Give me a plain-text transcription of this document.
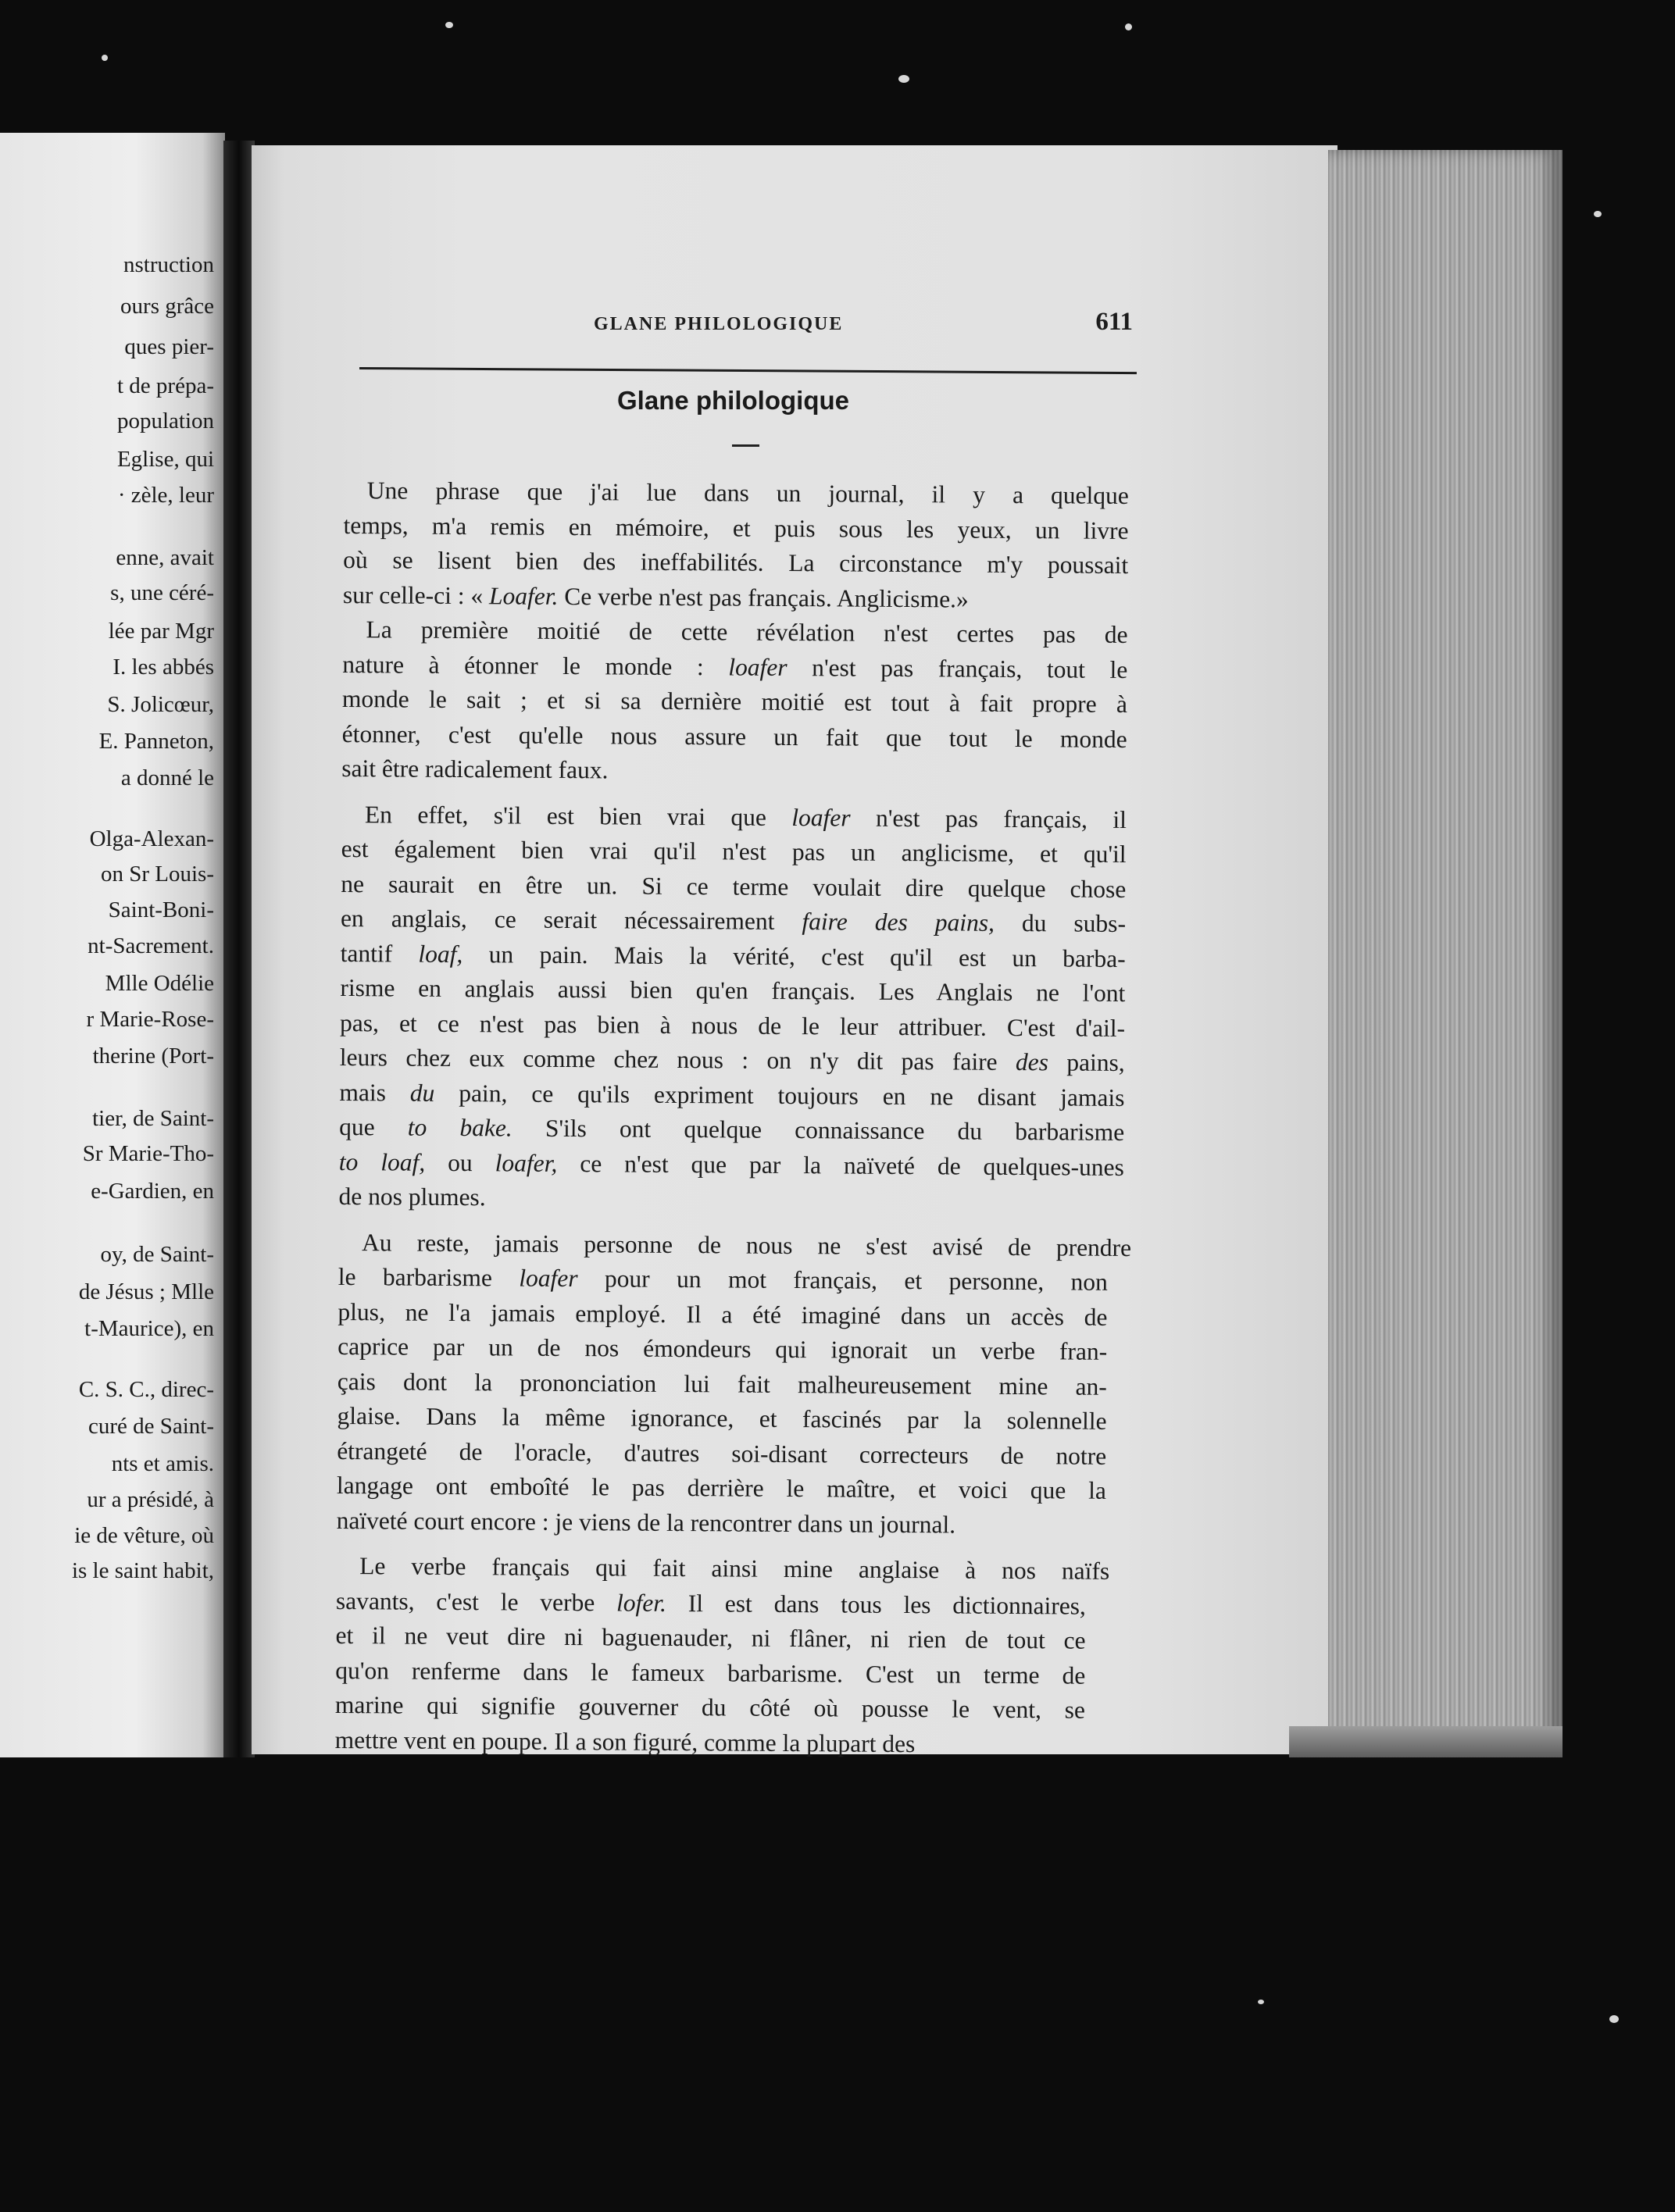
nstruction
ours grâce
ques pier-
t de prépa-
population
Eglise, qui
· zèle, leur
enne, avait
s, une céré-
lée par Mgr
I. les abbés
S. Jolicœur,
E. Panneton,
a donné le
Olga-Alexan-
on Sr Louis-
Saint-Boni-
nt-Sacrement.
Mlle Odélie
r Marie-Rose-
therine (Port-
tier, de Saint-
Sr Marie-Tho-
e-Gardien, en
oy, de Saint-
de Jésus ; Mlle
t-Maurice), en
C. S. C., direc-
curé de Saint-
nts et amis.
ur a présidé, à
ie de vêture, où
is le saint habit,
GLANE PHILOLOGIQUE	611
Glane philologique
Une phrase que j'ai lue dans un journal, il y a quelque
temps, m'a remis en mémoire, et puis sous les yeux, un livre
où se lisent bien des ineffabilités. La circonstance m'y poussait
sur celle-ci : « Loafer. Ce verbe n'est pas français. Anglicisme.»
La première moitié de cette révélation n'est certes pas de
nature à étonner le monde : loafer n'est pas français, tout le
monde le sait ; et si sa dernière moitié est tout à fait propre à
étonner, c'est qu'elle nous assure un fait que tout le monde
sait être radicalement faux.
En effet, s'il est bien vrai que loafer n'est pas français, il
est également bien vrai qu'il n'est pas un anglicisme, et qu'il
ne saurait en être un. Si ce terme voulait dire quelque chose
en anglais, ce serait nécessairement faire des pains, du subs-
tantif loaf, un pain. Mais la vérité, c'est qu'il est un barba-
risme en anglais aussi bien qu'en français. Les Anglais ne l'ont
pas, et ce n'est pas bien à nous de le leur attribuer. C'est d'ail-
leurs chez eux comme chez nous : on n'y dit pas faire des pains,
mais du pain, ce qu'ils expriment toujours en ne disant jamais
que to bake. S'ils ont quelque connaissance du barbarisme
to loaf, ou loafer, ce n'est que par la naïveté de quelques-unes
de nos plumes.
Au reste, jamais personne de nous ne s'est avisé de prendre
le barbarisme loafer pour un mot français, et personne, non
plus, ne l'a jamais employé. Il a été imaginé dans un accès de
caprice par un de nos émondeurs qui ignorait un verbe fran-
çais dont la prononciation lui fait malheureusement mine an-
glaise. Dans la même ignorance, et fascinés par la solennelle
étrangeté de l'oracle, d'autres soi-disant correcteurs de notre
langage ont emboîté le pas derrière le maître, et voici que la
naïveté court encore : je viens de la rencontrer dans un journal.
Le verbe français qui fait ainsi mine anglaise à nos naïfs
savants, c'est le verbe lofer. Il est dans tous les dictionnaires,
et il ne veut dire ni baguenauder, ni flâner, ni rien de tout ce
qu'on renferme dans le fameux barbarisme. C'est un terme de
marine qui signifie gouverner du côté où pousse le vent, se
mettre vent en poupe. Il a son figuré, comme la plupart des
